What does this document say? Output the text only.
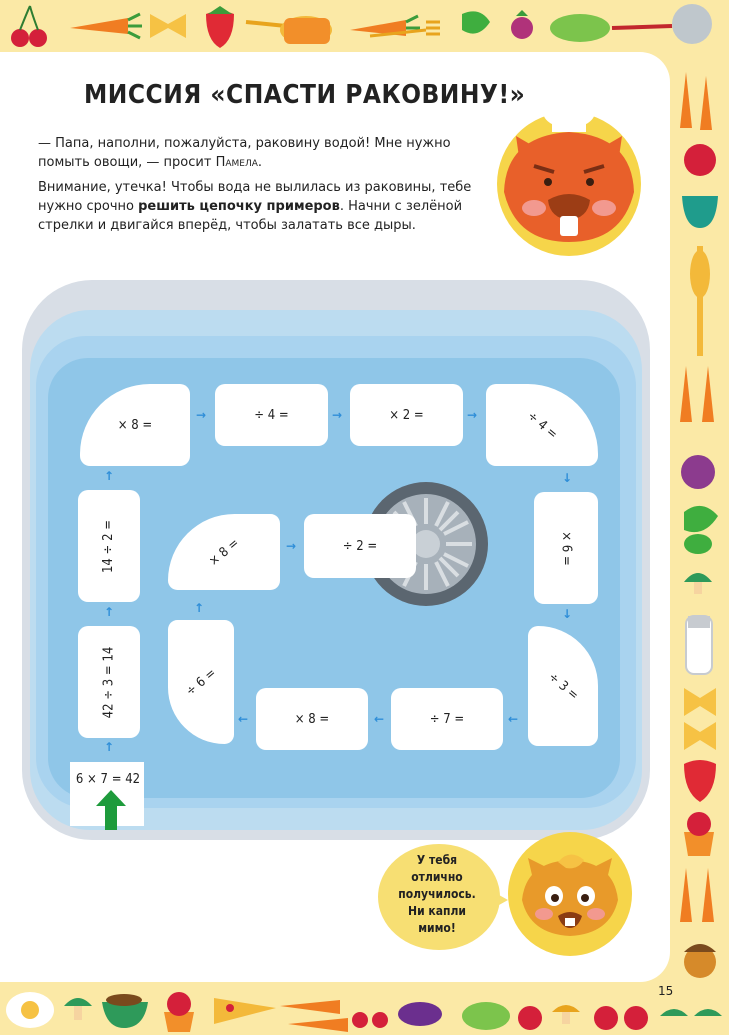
МИССИЯ «СПАСТИ РАКОВИНУ!»

— Папа, наполни, пожалуйста, раковину водой! Мне нужно помыть овощи, — просит Памела.

Внимание, утечка! Чтобы вода не вылилась из раковины, тебе нужно срочно решить цепочку примеров. Начни с зелёной стрелки и двигайся вперёд, чтобы залатать все дыры.

6 × 7 = 42
42 ÷ 3 = 14
14 ÷ 2 =
× 8 =
÷ 4 =	× 2 =	÷ 4 =
× 6 =
÷ 3 =
÷ 7 =
× 8 =
÷ 6 =
× 8 =	÷ 2 =
↑
↑
↑
→	→	→
↓
↓
←
←
←
↑
→
У тебя
отлично
получилось.
Ни капли
мимо!
15
